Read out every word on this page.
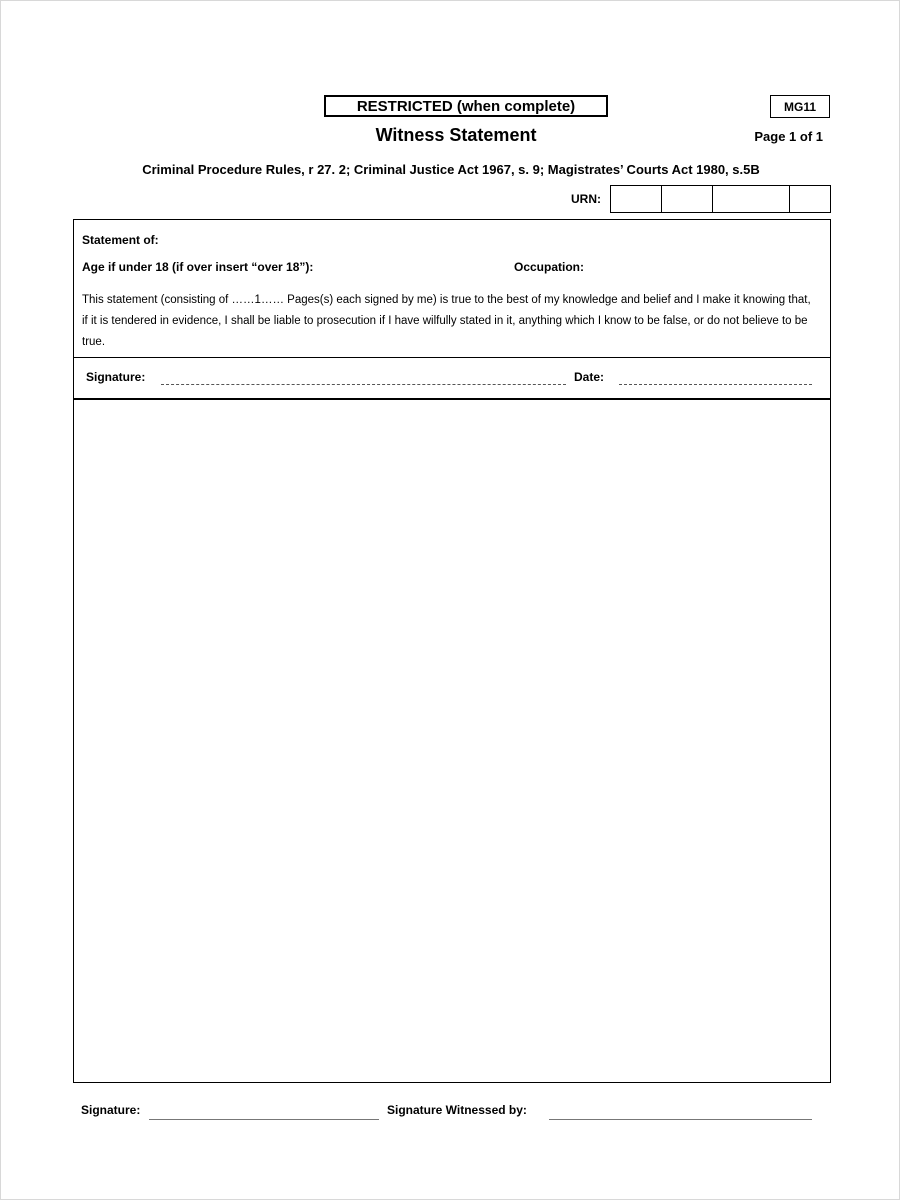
RESTRICTED (when complete)	MG11
Witness Statement	Page 1 of 1
Criminal Procedure Rules, r 27. 2; Criminal Justice Act 1967, s. 9; Magistrates’ Courts Act 1980, s.5B
URN:
Statement of:
Age if under 18 (if over insert “over 18”):	Occupation:
This statement (consisting of ……1…… Pages(s) each signed by me) is true to the best of my knowledge and belief and I make it knowing that, if it is tendered in evidence, I shall be liable to prosecution if I have wilfully stated in it, anything which I know to be false, or do not believe to be true.
Signature:	Date:
Signature:	Signature Witnessed by:
